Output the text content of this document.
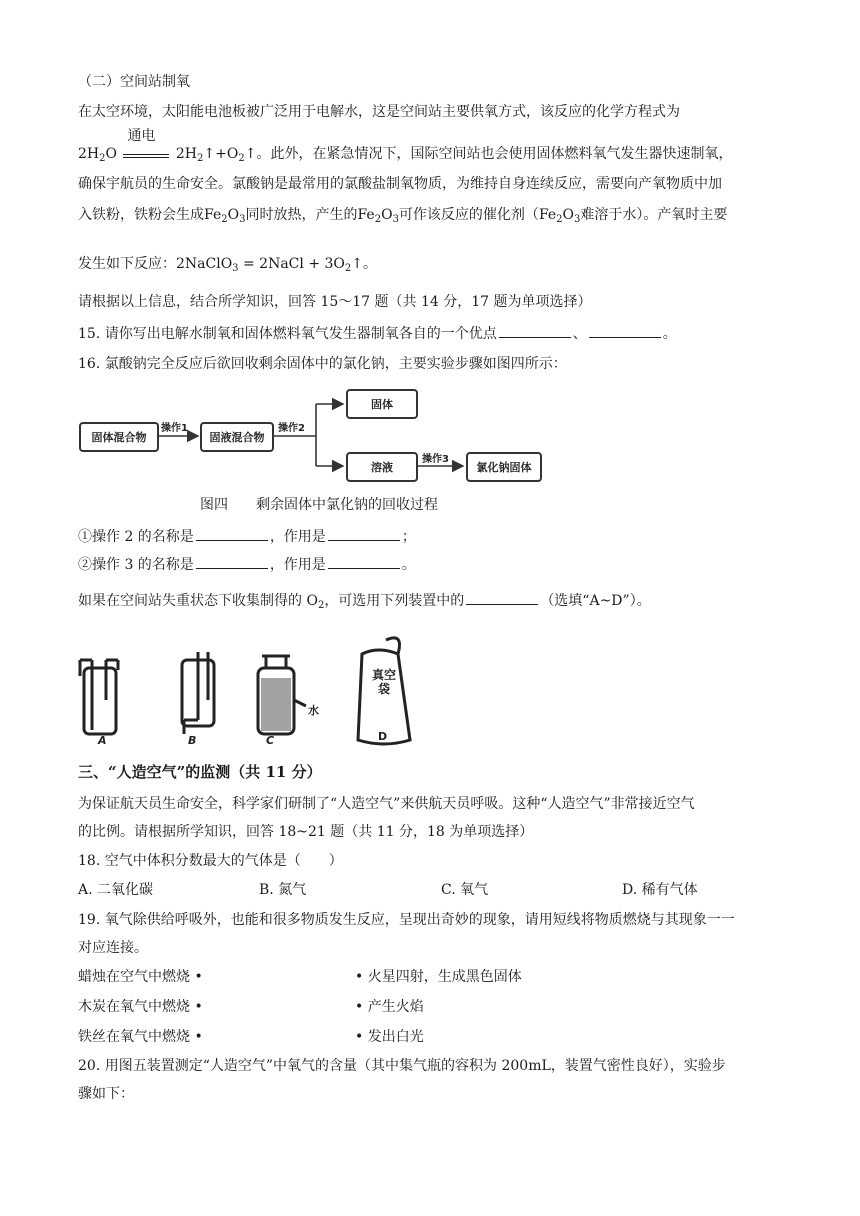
（二）空间站制氧
在太空环境，太阳能电池板被广泛用于电解水，这是空间站主要供氧方式，该反应的化学方程式为
$2H_2O$
通电
$2H_2↑+O_2↑$。此外，在紧急情况下，国际空间站也会使用固体燃料氧气发生器快速制氧，
确保宇航员的生命安全。氯酸钠是最常用的氯酸盐制氧物质，为维持自身连续反应，需要向产氧物质中加
入铁粉，铁粉会生成$Fe_2O_3$同时放热，产生的$Fe_2O_3$可作该反应的催化剂（$Fe_2O_3$难溶于水）。产氧时主要
发生如下反应：2NaClO$_3$ = 2NaCl + $3O_2↑$。
请根据以上信息，结合所学知识，回答 15～17 题（共 14 分，17 题为单项选择）
15. 请你写出电解水制氧和固体燃料氧气发生器制氧各自的一个优点	、	。
16. 氯酸钠完全反应后欲回收剩余固体中的氯化钠，主要实验步骤如图四所示：
固体混合物	固液混合物
固体
溶液	氯化钠固体
操作1	操作2
操作3
图四　　剩余固体中氯化钠的回收过程
①操作 2 的名称是	，作用是	；
②操作 3 的名称是	，作用是	。
如果在空间站失重状态下收集制得的 $O_2$，可选用下列装置中的	（选填“A~D”）。
A	B	C	D
水
真空袋
三、“人造空气”的监测（共 11 分）
为保证航天员生命安全，科学家们研制了“人造空气”来供航天员呼吸。这种“人造空气”非常接近空气
的比例。请根据所学知识，回答 18~21 题（共 11 分，18 为单项选择）
18. 空气中体积分数最大的气体是（　　）
A. 二氧化碳	B. 氮气	C. 氧气	D. 稀有气体
19. 氧气除供给呼吸外，也能和很多物质发生反应，呈现出奇妙的现象，请用短线将物质燃烧与其现象一一
对应连接。
蜡烛在空气中燃烧 •
木炭在氧气中燃烧 •
铁丝在氧气中燃烧 •
• 火星四射，生成黑色固体
• 产生火焰
• 发出白光
20. 用图五装置测定“人造空气”中氧气的含量（其中集气瓶的容积为 200mL，装置气密性良好），实验步
骤如下：
